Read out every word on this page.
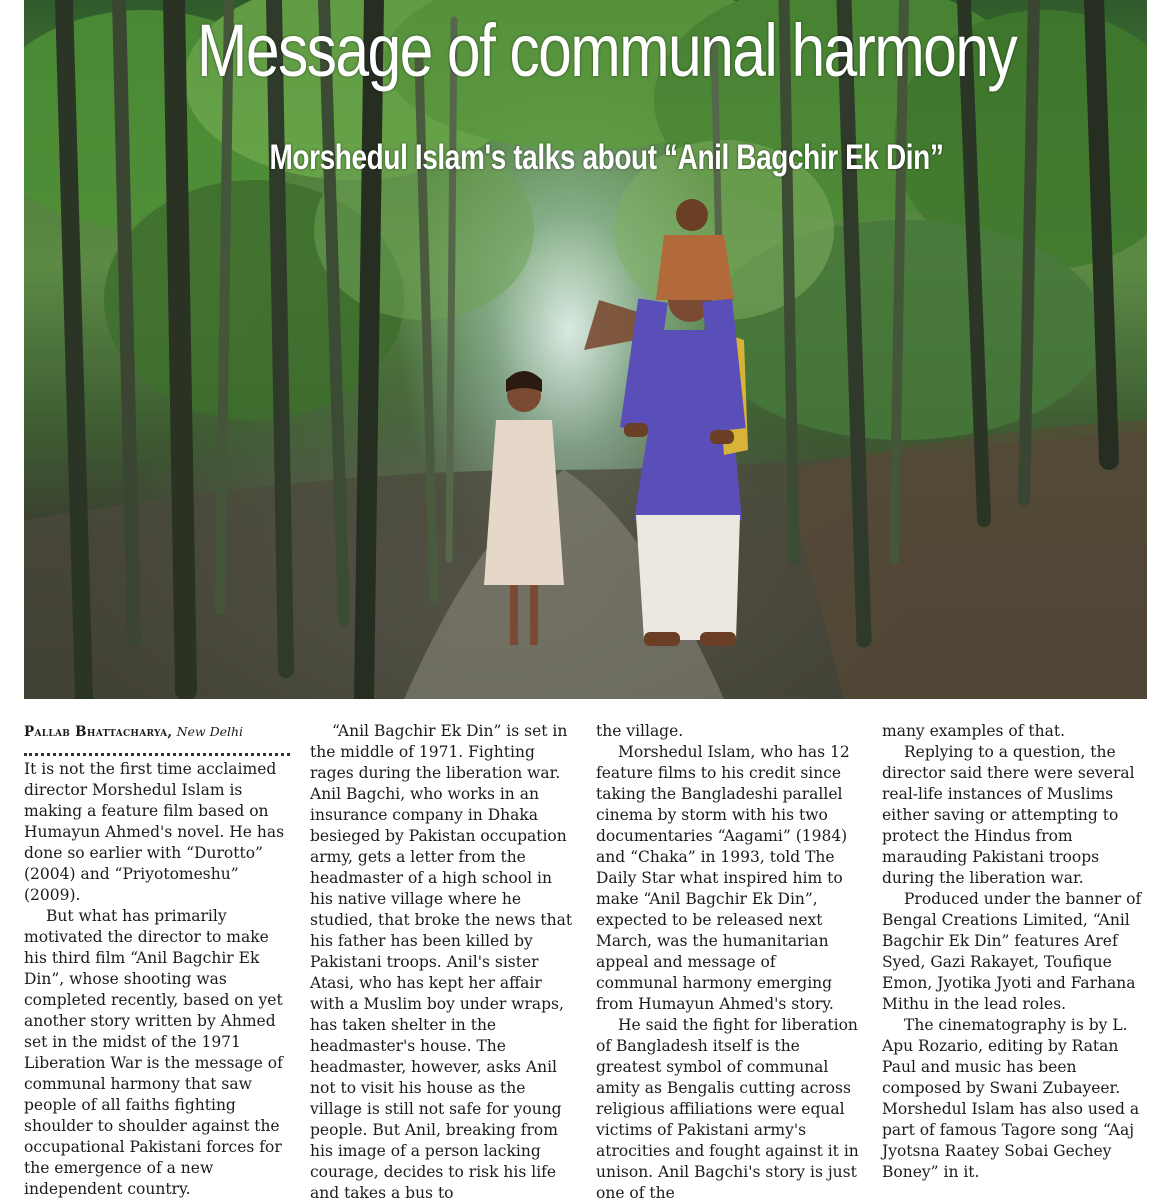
Message of communal harmony
Morshedul Islam's talks about “Anil Bagchir Ek Din”

Pallab Bhattacharya, New Delhi

It is not the first time acclaimed director Morshedul Islam is making a feature film based on Humayun Ahmed's novel. He has done so earlier with “Durotto” (2004) and “Priyotomeshu” (2009).

But what has primarily motivated the director to make his third film “Anil Bagchir Ek Din”, whose shooting was completed recently, based on yet another story written by Ahmed set in the midst of the 1971 Liberation War is the message of communal harmony that saw people of all faiths fighting shoulder to shoulder against the occupational Pakistani forces for the emergence of a new independent country.

“Anil Bagchir Ek Din” is set in the middle of 1971. Fighting rages during the liberation war. Anil Bagchi, who works in an insurance company in Dhaka besieged by Pakistan occupation army, gets a letter from the headmaster of a high school in his native village where he studied, that broke the news that his father has been killed by Pakistani troops. Anil's sister Atasi, who has kept her affair with a Muslim boy under wraps, has taken shelter in the headmaster's house. The headmaster, however, asks Anil not to visit his house as the village is still not safe for young people. But Anil, breaking from his image of a person lacking courage, decides to risk his life and takes a bus to

the village.

Morshedul Islam, who has 12 feature films to his credit since taking the Bangladeshi parallel cinema by storm with his two documentaries “Aagami” (1984) and “Chaka” in 1993, told The Daily Star what inspired him to make “Anil Bagchir Ek Din”, expected to be released next March, was the humanitarian appeal and message of communal harmony emerging from Humayun Ahmed's story.

He said the fight for liberation of Bangladesh itself is the greatest symbol of communal amity as Bengalis cutting across religious affiliations were equal victims of Pakistani army's atrocities and fought against it in unison. Anil Bagchi's story is just one of the

many examples of that.

Replying to a question, the director said there were several real-life instances of Muslims either saving or attempting to protect the Hindus from marauding Pakistani troops during the liberation war.

Produced under the banner of Bengal Creations Limited, “Anil Bagchir Ek Din” features Aref Syed, Gazi Rakayet, Toufique Emon, Jyotika Jyoti and Farhana Mithu in the lead roles.

The cinematography is by L. Apu Rozario, editing by Ratan Paul and music has been composed by Swani Zubayeer. Morshedul Islam has also used a part of famous Tagore song “Aaj Jyotsna Raatey Sobai Gechey Boney” in it.
